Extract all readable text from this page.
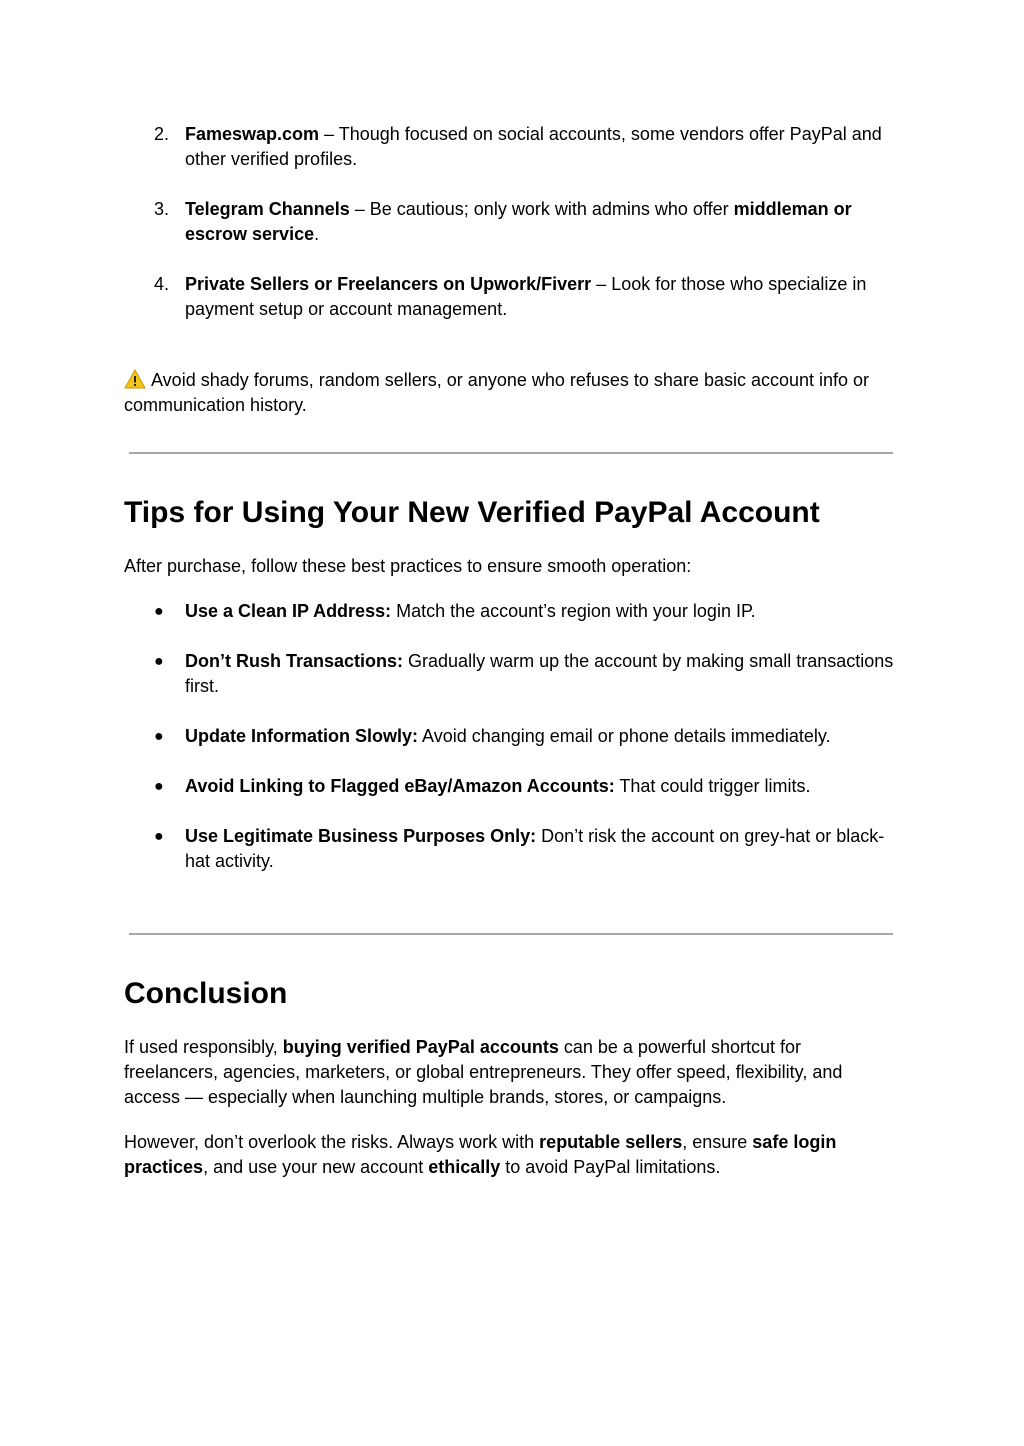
2. Fameswap.com – Though focused on social accounts, some vendors offer PayPal and other verified profiles.
3. Telegram Channels – Be cautious; only work with admins who offer middleman or escrow service.
4. Private Sellers or Freelancers on Upwork/Fiverr – Look for those who specialize in payment setup or account management.
Avoid shady forums, random sellers, or anyone who refuses to share basic account info or communication history.
Tips for Using Your New Verified PayPal Account
After purchase, follow these best practices to ensure smooth operation:
● Use a Clean IP Address: Match the account’s region with your login IP.
● Don’t Rush Transactions: Gradually warm up the account by making small transactions first.
● Update Information Slowly: Avoid changing email or phone details immediately.
● Avoid Linking to Flagged eBay/Amazon Accounts: That could trigger limits.
● Use Legitimate Business Purposes Only: Don’t risk the account on grey-hat or black-hat activity.
Conclusion
If used responsibly, buying verified PayPal accounts can be a powerful shortcut for freelancers, agencies, marketers, or global entrepreneurs. They offer speed, flexibility, and access — especially when launching multiple brands, stores, or campaigns.
However, don’t overlook the risks. Always work with reputable sellers, ensure safe login practices, and use your new account ethically to avoid PayPal limitations.
